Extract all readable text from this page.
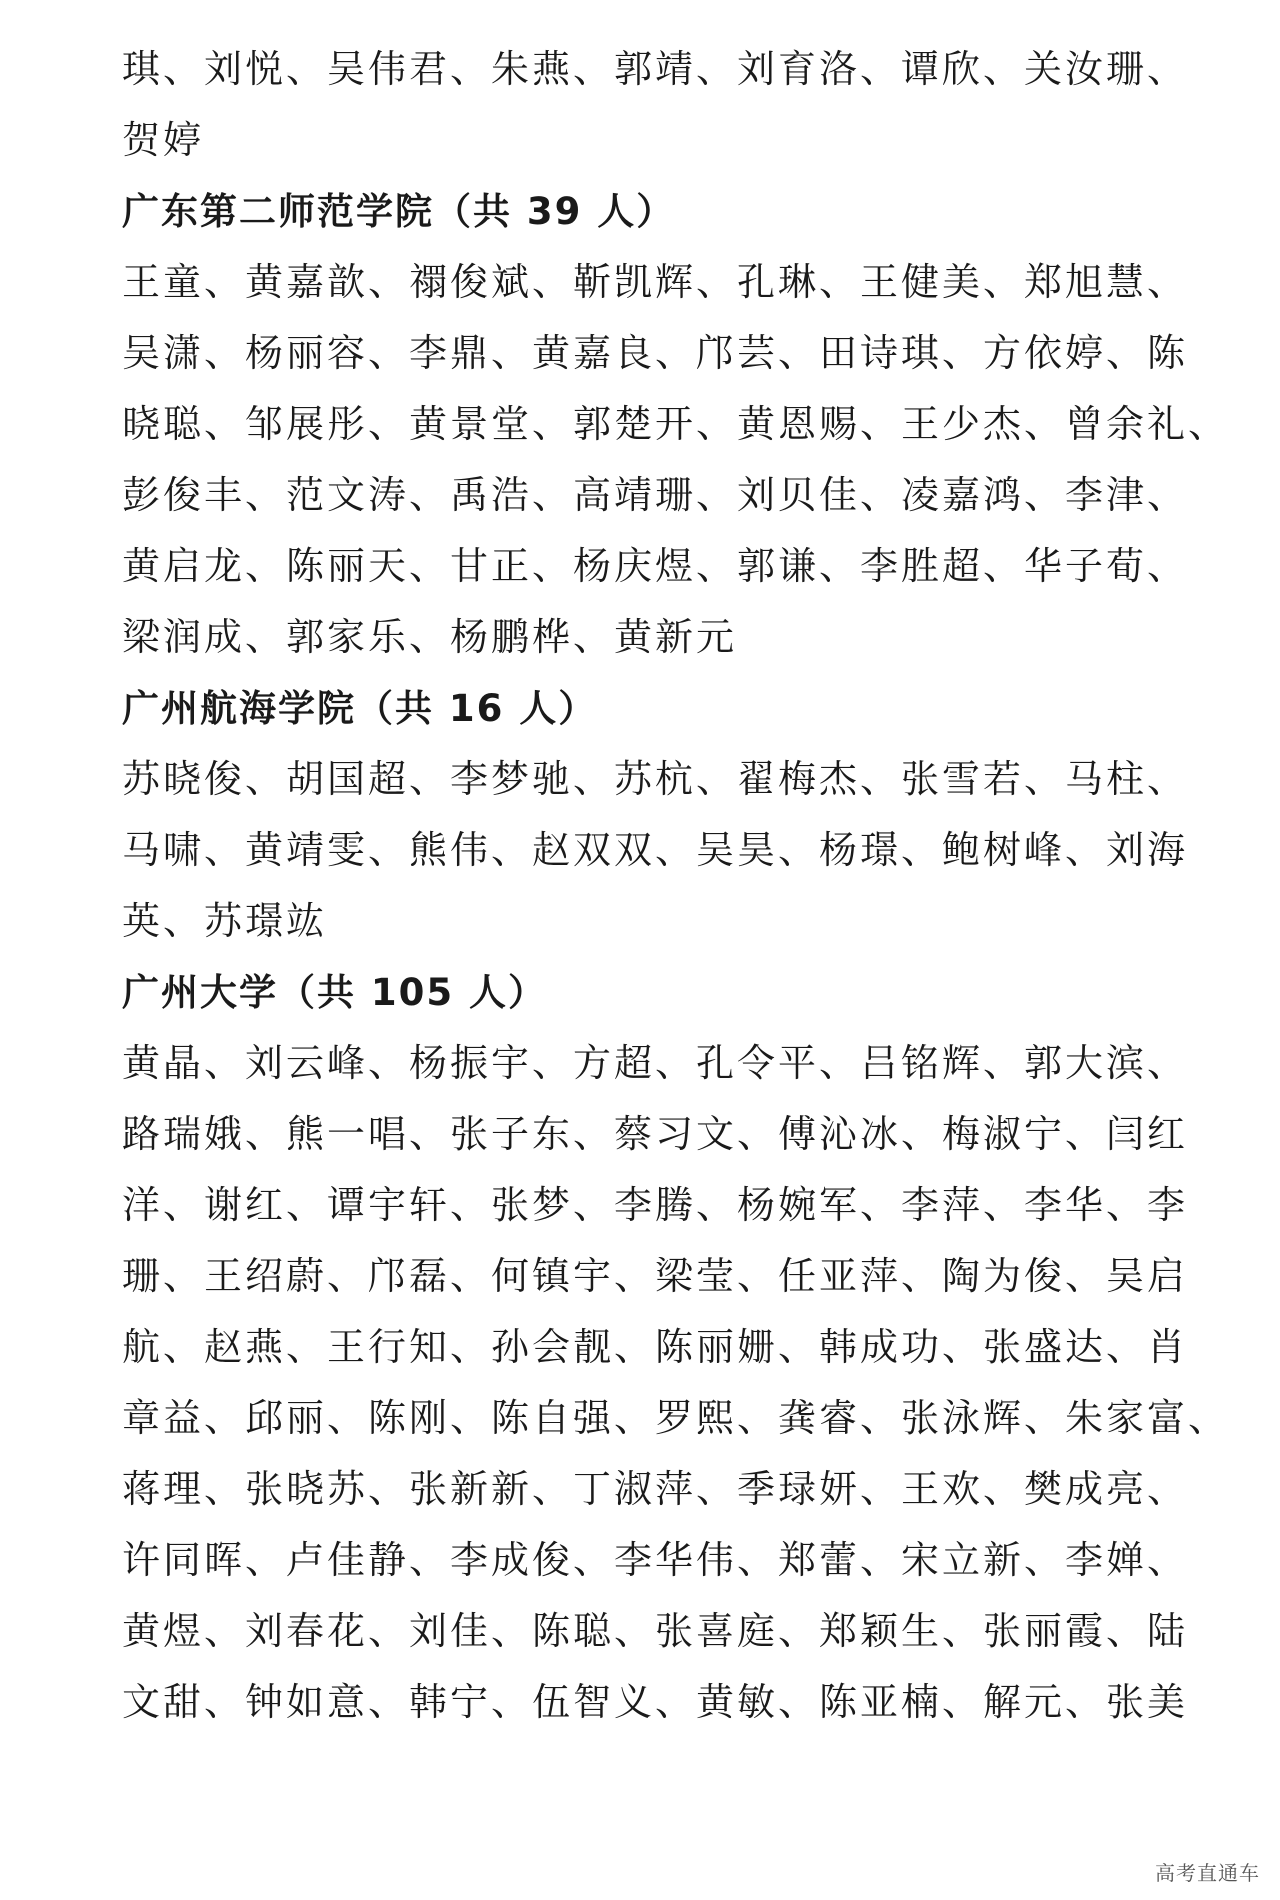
琪、刘悦、吴伟君、朱燕、郭靖、刘育洛、谭欣、关汝珊、
贺婷
广东第二师范学院（共 39 人）
王童、黄嘉歆、禤俊斌、靳凯辉、孔琳、王健美、郑旭慧、
吴潇、杨丽容、李鼎、黄嘉良、邝芸、田诗琪、方依婷、陈
晓聪、邹展彤、黄景堂、郭楚开、黄恩赐、王少杰、曾余礼、
彭俊丰、范文涛、禹浩、高靖珊、刘贝佳、凌嘉鸿、李津、
黄启龙、陈丽天、甘正、杨庆煜、郭谦、李胜超、华子荀、
梁润成、郭家乐、杨鹏桦、黄新元
广州航海学院（共 16 人）
苏晓俊、胡国超、李梦驰、苏杭、翟梅杰、张雪若、马柱、
马啸、黄靖雯、熊伟、赵双双、吴昊、杨璟、鲍树峰、刘海
英、苏璟竑
广州大学（共 105 人）
黄晶、刘云峰、杨振宇、方超、孔令平、吕铭辉、郭大滨、
路瑞娥、熊一唱、张子东、蔡习文、傅沁冰、梅淑宁、闫红
洋、谢红、谭宇轩、张梦、李腾、杨婉军、李萍、李华、李
珊、王绍蔚、邝磊、何镇宇、梁莹、任亚萍、陶为俊、吴启
航、赵燕、王行知、孙会靓、陈丽姗、韩成功、张盛达、肖
章益、邱丽、陈刚、陈自强、罗熙、龚睿、张泳辉、朱家富、
蒋理、张晓苏、张新新、丁淑萍、季琭妍、王欢、樊成亮、
许同晖、卢佳静、李成俊、李华伟、郑蕾、宋立新、李婵、
黄煜、刘春花、刘佳、陈聪、张喜庭、郑颖生、张丽霞、陆
文甜、钟如意、韩宁、伍智义、黄敏、陈亚楠、解元、张美
高考直通车
